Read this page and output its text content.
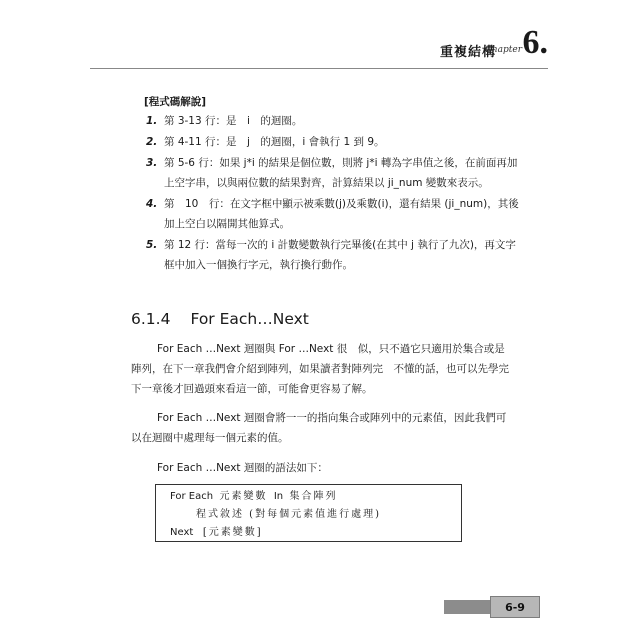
重複結構
Chapter 6.
[程式碼解說]
1. 第 3-13 行：是　i　的迴圈。
2. 第 4-11 行：是　j　的迴圈，i 會執行 1 到 9。
3. 第 5-6 行：如果 j*i 的結果是個位數，則將 j*i 轉為字串值之後，在前面再加上空字串，以與兩位數的結果對齊，計算結果以 ji_num 變數來表示。
4. 第　10　行：在文字框中顯示被乘數(j)及乘數(i)，還有結果 (ji_num)，其後加上空白以隔開其他算式。
5. 第 12 行：當每一次的 i 計數變數執行完畢後(在其中 j 執行了九次)，再文字框中加入一個換行字元，執行換行動作。
6.1.4 For Each…Next

For Each …Next 迴圈與 For …Next 很　似，只不過它只適用於集合或是陣列，在下一章我們會介紹到陣列，如果讀者對陣列完　不懂的話，也可以先學完下一章後才回過頭來看這一節，可能會更容易了解。

For Each …Next 迴圈會將一一的指向集合或陣列中的元素值，因此我們可以在迴圈中處理每一個元素的值。

For Each …Next 迴圈的語法如下：

For Each 元素變數 In 集合陣列
程式敘述 (對每個元素值進行處理)
Next [元素變數]
6-9
